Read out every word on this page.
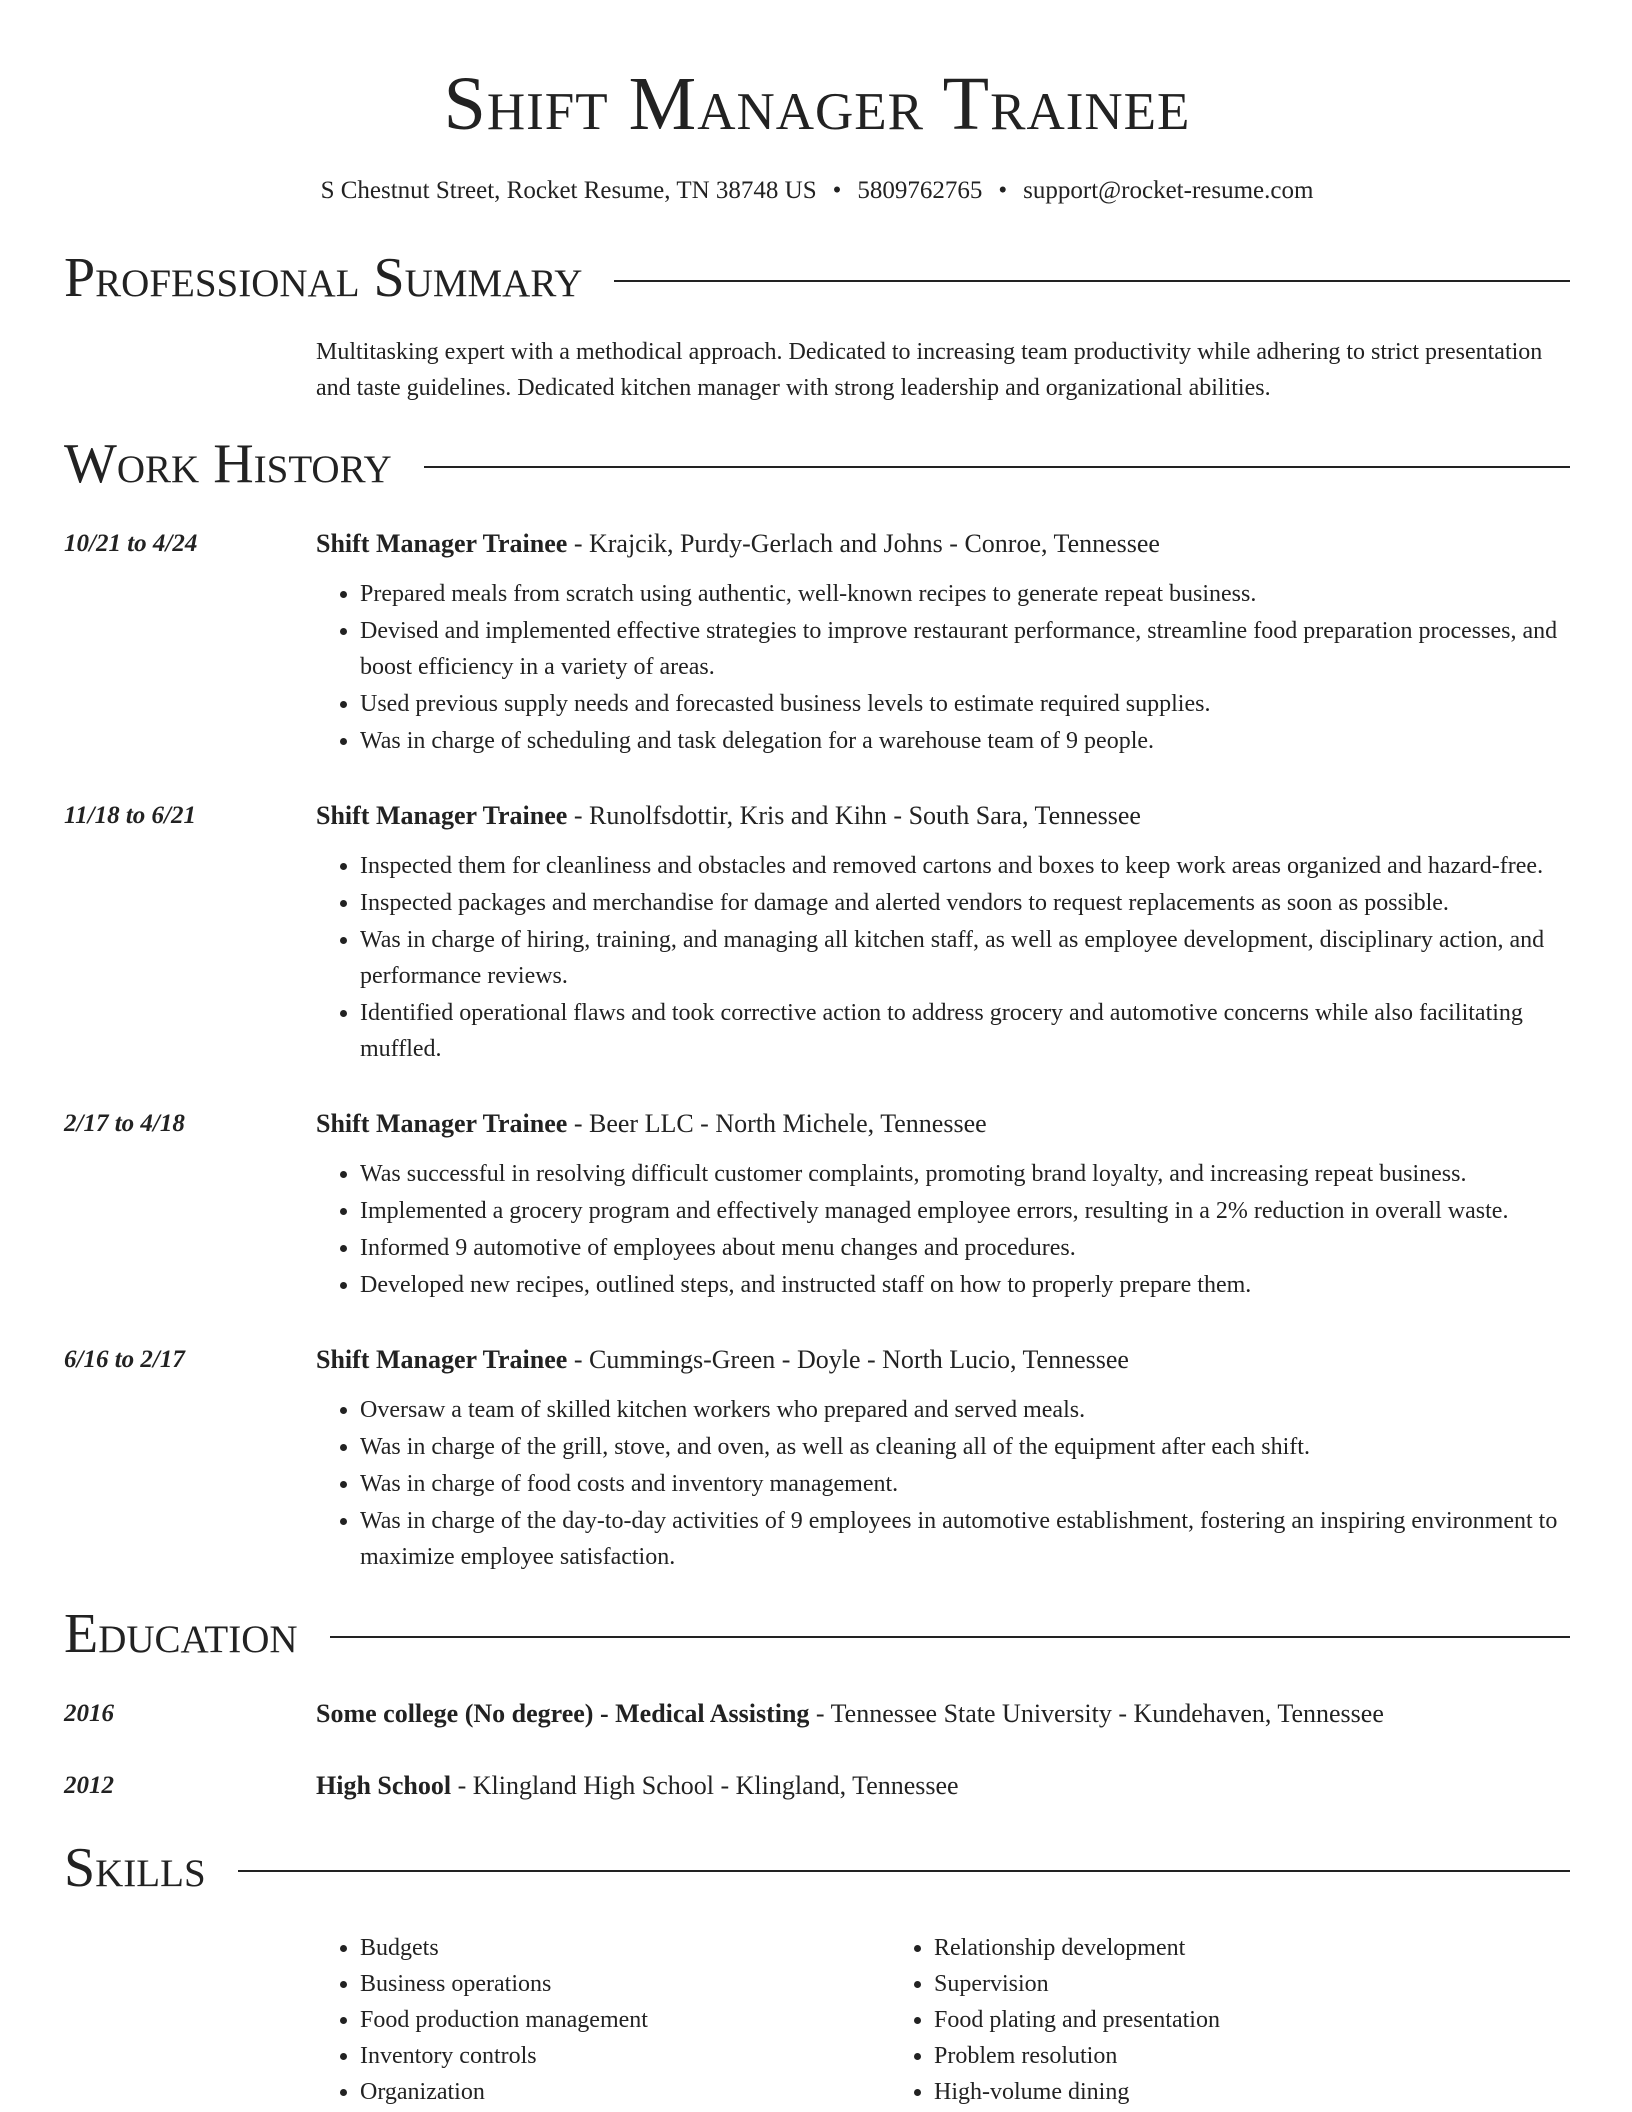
Shift Manager Trainee
S Chestnut Street, Rocket Resume, TN 38748 US • 5809762765 • support@rocket-resume.com
Professional Summary
Multitasking expert with a methodical approach. Dedicated to increasing team productivity while adhering to strict presentation and taste guidelines. Dedicated kitchen manager with strong leadership and organizational abilities.
Work History
10/21 to 4/24	Shift Manager Trainee - Krajcik, Purdy-Gerlach and Johns - Conroe, Tennessee
• Prepared meals from scratch using authentic, well-known recipes to generate repeat business.
• Devised and implemented effective strategies to improve restaurant performance, streamline food preparation processes, and boost efficiency in a variety of areas.
• Used previous supply needs and forecasted business levels to estimate required supplies.
• Was in charge of scheduling and task delegation for a warehouse team of 9 people.
11/18 to 6/21	Shift Manager Trainee - Runolfsdottir, Kris and Kihn - South Sara, Tennessee
• Inspected them for cleanliness and obstacles and removed cartons and boxes to keep work areas organized and hazard-free.
• Inspected packages and merchandise for damage and alerted vendors to request replacements as soon as possible.
• Was in charge of hiring, training, and managing all kitchen staff, as well as employee development, disciplinary action, and performance reviews.
• Identified operational flaws and took corrective action to address grocery and automotive concerns while also facilitating muffled.
2/17 to 4/18	Shift Manager Trainee - Beer LLC - North Michele, Tennessee
• Was successful in resolving difficult customer complaints, promoting brand loyalty, and increasing repeat business.
• Implemented a grocery program and effectively managed employee errors, resulting in a 2% reduction in overall waste.
• Informed 9 automotive of employees about menu changes and procedures.
• Developed new recipes, outlined steps, and instructed staff on how to properly prepare them.
6/16 to 2/17	Shift Manager Trainee - Cummings-Green - Doyle - North Lucio, Tennessee
• Oversaw a team of skilled kitchen workers who prepared and served meals.
• Was in charge of the grill, stove, and oven, as well as cleaning all of the equipment after each shift.
• Was in charge of food costs and inventory management.
• Was in charge of the day-to-day activities of 9 employees in automotive establishment, fostering an inspiring environment to maximize employee satisfaction.
Education
2016	Some college (No degree) - Medical Assisting - Tennessee State University - Kundehaven, Tennessee
2012	High School - Klingland High School - Klingland, Tennessee
Skills
• Budgets
• Business operations
• Food production management
• Inventory controls
• Organization
• Relationship development
• Supervision
• Food plating and presentation
• Problem resolution
• High-volume dining
